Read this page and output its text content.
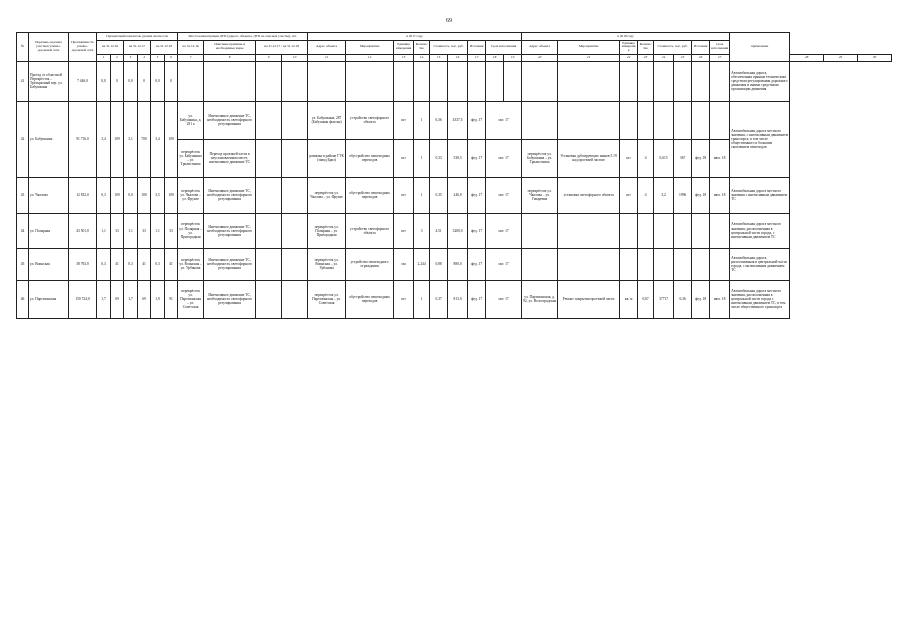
69
№	Перечень опасных участков улично-дорожной сети	Протяжённость улично-дорожной сети	Процентный показатель уровня опасности						Места концентрации ДТП (адреса, объекты, ДТП на опасном участке), шт.				в 2017 году									в 2018 году								примечание			
			на 31.12.16		на 31.12.17		на 31.12.18		на 31.12.16	Описание причины и необходимые меры	на 31.12.17 / на 31.12.18		Адрес объекта	Мероприятие	Единица измерения	Количество	Стоимость, тыс. руб.		Источник	Срок исполнения		Адрес объекта	Мероприятие	Единица измерения	Количество	Стоимость, тыс. руб.		Источник	Срок исполнения				
			1	2	3	4	5	6	7	8	9	10	11	12	13	14	15	16	17	18	19	20	21	22	23	24	25	26	27		28	29	30
41	Проезд от областной Перекрёсток – Трёхкратный пер. ул. Бабушкина	7 446,0	0,0	0	0,0	0	0,0	0																						Автомобильная дорога, обеспеченная прямым техническим средством регулирования дорожного движения и иными средствами организации движения			
42	ул. Бабушкина	91 716,0	3,4	109	3,1	700	3,4	100	ул. Бабушкина, д. 291 а	Интенсивное движение ТС, необходимость светофорного регулирования			ул. Бабушкина, 287 (Бабушкин фонтан)	устройство светофорного объекта	шт	1	6,36	4337,5	фед. 17	окт. 17										Автомобильная дорога местного значения, с интенсивным движением транспорта, в том числе общественного и большим скоплением пешеходов			
									перекрёсток ул. Бабушкина – ул. Трилистника	Переход проезжей части в неустановленном месте, интенсивное движение ТС			развязка в районе ГТК (завод Бриз)	обустройство пешеходных переходов	шт	1	0,33	538,5	фед. 17	окт. 17		перекрёсток ул. Бабушкина – ул. Трилистника	Установка дублирующих знаков 5.19 над проезжей частью	шт	4	0,615	367	фед. 18	июл. 18				
43	ул. Чкалова	12 832,0	0,3	100	0,0	100	3,5	100	перекрёсток ул. Чкалова – ул. Фрунзе	Интенсивное движение ТС, необходимость светофорного регулирования			перекрёсток ул. Чкалова – ул. Фрунзе	обустройство пешеходных переходов	шт	1	0,35	246,0	фед. 17	окт. 17		перекрёсток ул. Чкалова – ул. Гмыревиа	установка светофорного объекта	шт	4	3,2	1996	фед. 18	июл. 18	Автомобильная дорога местного значения с интенсивным движением ТС			
44	ул. Полярная	43 501,0	1,1	33	1,1	33	1,1	33	перекрёсток ул. Полярная – ул. Пригородная	Интенсивное движение ТС, необходимость светофорного регулирования			перекрёсток ул. Полярная – ул. Пригородная	устройство светофорного объекта	шт	3	4,51	3200,0	фед. 17	окт. 17										Автомобильная дорога местного значения, расположенная в центральной части города, с интенсивным движением ТС			
45	ул. Воинская	38 792,0	0,3	41	0,3	41	0,3	41	перекрёсток ул. Воинская – ул. Урбанова	Интенсивное движение ТС, необходимость светофорного регулирования			перекрёсток ул. Воинская – ул. Урбанова	устройство пешеходного ограждения	пм	2,244	0,88	880,0	фед. 17	окт. 17										Автомобильная дорога, расположенная в центральной части города, с интенсивным движением ТС			
46	ул. Партизанская	150 724,0	1,7	69	1,7	69	1,9	91	перекрёсток ул. Партизанская – ул. Советская	Интенсивное движение ТС, необходимость светофорного регулирования			перекрёсток ул. Партизанская – ул. Советская	обустройство пешеходных переходов	шт	1	0,37	813,0	фед. 17	окт. 17		ул. Партизанская, д. 92, ул. Волгоградская	Ремонт покрытия проезжей части	кв. м	0,67	37717	6,36	фед. 18	июл. 18	Автомобильная дорога местного значения, расположенная в центральной части города с интенсивным движением ТС, в том числе общественного транспорта			
